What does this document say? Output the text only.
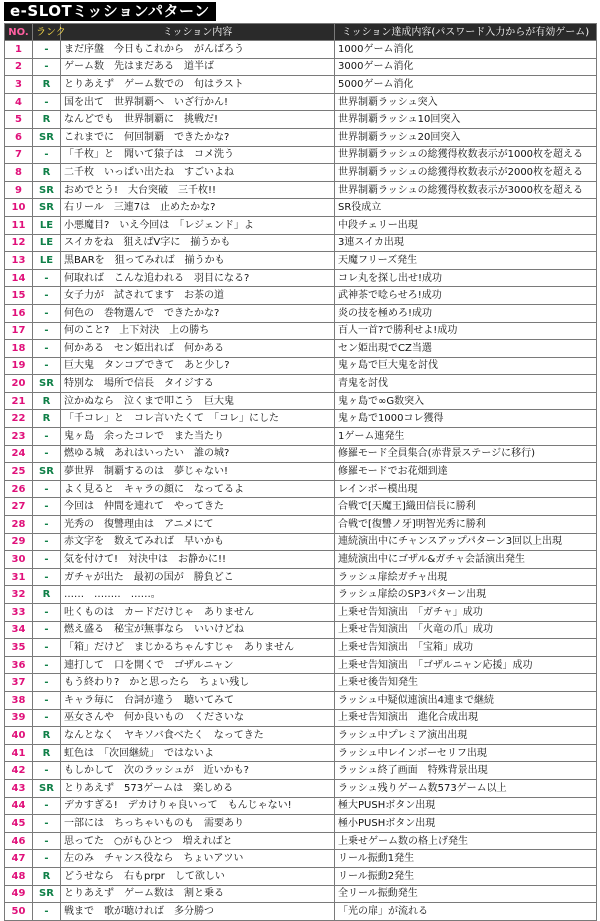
e-SLOTミッションパターン
NO.	ランク	ミッション内容	ミッション達成内容(パスワード入力からが有効ゲーム)
1	-	まだ序盤　今日もこれから　がんばろう	1000ゲーム消化
2	-	ゲーム数　先はまだある　道半ば	3000ゲーム消化
3	R	とりあえず　ゲーム数での　旬はラスト	5000ゲーム消化
4	-	国を出て　世界制覇へ　いざ行かん!	世界制覇ラッシュ突入
5	R	なんどでも　世界制覇に　挑戦だ!	世界制覇ラッシュ10回突入
6	SR	これまでに　何回制覇　できたかな?	世界制覇ラッシュ20回突入
7	-	「千枚」と　聞いて猿子は　コメ洗う	世界制覇ラッシュの総獲得枚数表示が1000枚を超える
8	R	二千枚　いっぱい出たね　すごいよね	世界制覇ラッシュの総獲得枚数表示が2000枚を超える
9	SR	おめでとう!　大台突破　三千枚!!	世界制覇ラッシュの総獲得枚数表示が3000枚を超える
10	SR	右リール　三連7は　止めたかな?	SR役成立
11	LE	小悪魔目?　いえ今回は　「レジェンド」よ	中段チェリー出現
12	LE	スイカをね　狙えばV字に　揃うかも	3連スイカ出現
13	LE	黒BARを　狙ってみれば　揃うかも	天魔フリーズ発生
14	-	何取れば　こんな追われる　羽目になる?	コレ丸を探し出せ!成功
15	-	女子力が　試されてます　お茶の道	武神茶で唸らせろ!成功
16	-	何色の　巻物選んで　できたかな?	炎の技を極めろ!成功
17	-	何のこと?　上下対決　上の勝ち	百人一首?で勝利せよ!成功
18	-	何かある　セン姫出れば　何かある	セン姫出現でCZ当選
19	-	巨大鬼　タンコブできて　あと少し?	鬼ヶ島で巨大鬼を討伐
20	SR	特別な　場所で信長　タイジする	青鬼を討伐
21	R	泣かぬなら　泣くまで叩こう　巨大鬼	鬼ヶ島で∞G数突入
22	R	「千コレ」と　コレ言いたくて　「コレ」にした	鬼ヶ島で1000コレ獲得
23	-	鬼ヶ島　余ったコレで　また当たり	1ゲーム連発生
24	-	燃ゆる城　あれはいったい　誰の城?	修羅モード全員集合(赤背景ステージに移行)
25	SR	夢世界　制覇するのは　夢じゃない!	修羅モードでお花畑到達
26	-	よく見ると　キャラの顔に　なってるよ	レインボー模出現
27	-	今回は　仲間を連れて　やってきた	合戦で[天魔王]織田信長に勝利
28	-	光秀の　復讐理由は　アニメにて	合戦で[復讐ノ牙]明智光秀に勝利
29	-	赤文字を　数えてみれば　早いかも	連続演出中にチャンスアップパターン3回以上出現
30	-	気を付けて!　対決中は　お静かに!!	連続演出中にゴザル&ガチャ会話演出発生
31	-	ガチャが出た　最初の国が　勝負どこ	ラッシュ扉絵ガチャ出現
32	R	‥‥‥　‥‥‥‥　‥‥‥。	ラッシュ扉絵のSP3パターン出現
33	-	吐くものは　カードだけじゃ　ありません	上乗せ告知演出　「ガチャ」成功
34	-	燃え盛る　秘宝が無事なら　いいけどね	上乗せ告知演出　「火竜の爪」成功
35	-	「箱」だけど　まじかるちゃんすじゃ　ありません	上乗せ告知演出　「宝箱」成功
36	-	連打して　口を開くで　ゴザルニャン	上乗せ告知演出　「ゴザルニャン応援」成功
37	-	もう終わり?　かと思ったら　ちょい残し	上乗せ後告知発生
38	-	キャラ毎に　台詞が違う　聴いてみて	ラッシュ中疑似連演出4連まで継続
39	-	巫女さんや　何か良いもの　くださいな	上乗せ告知演出　進化合成出現
40	R	なんとなく　ヤキソバ食べたく　なってきた	ラッシュ中プレミア演出出現
41	R	虹色は　「次回継続」　ではないよ	ラッシュ中レインボーセリフ出現
42	-	もしかして　次のラッシュが　近いかも?	ラッシュ終了画面　特殊背景出現
43	SR	とりあえず　573ゲームは　楽しめる	ラッシュ残りゲーム数573ゲーム以上
44	-	デカすぎる!　デカけりゃ良いって　もんじゃない!	極大PUSHボタン出現
45	-	一部には　ちっちゃいものも　需要あり	極小PUSHボタン出現
46	-	思ってた　○がもひとつ　増えればと	上乗せゲーム数の格上げ発生
47	-	左のみ　チャンス役なら　ちょいアツい	リール振動1発生
48	R	どうせなら　右もprpr　して欲しい	リール振動2発生
49	SR	とりあえず　ゲーム数は　割と乗る	全リール振動発生
50	-	戦まで　歌が聴ければ　多分勝つ	「光の扉」が流れる
